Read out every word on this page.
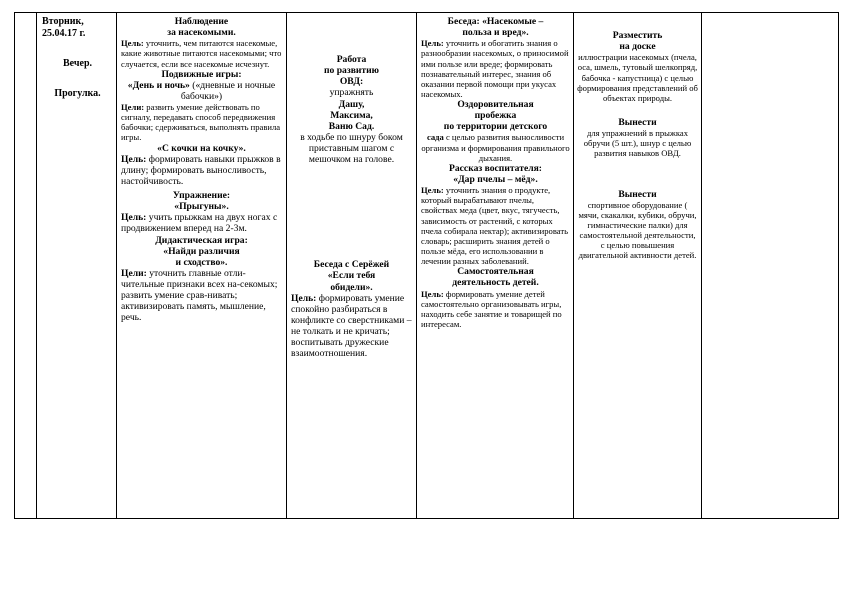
Вторник,
25.04.17 г.
Вечер.
Прогулка.
Наблюдение
за насекомыми.
Цель: уточнить, чем питаются насекомые, какие животные питаются насекомыми; что случается, если все насекомые исчезнут.
Подвижные игры:
«День и ночь» («дневные и ночные бабочки»)
Цели: развить умение действовать по сигналу, передавать способ передвижения бабочки; сдерживаться, выполнять правила игры.
«С кочки на кочку».
Цель: формировать навыки прыжков в длину; формировать выносливость, настойчивость.
Упражнение:
«Прыгуны».
Цель: учить прыжкам на двух ногах с продвижением вперед на 2-3м.
Дидактическая игра:
«Найди различия
и сходство».
Цели: уточнить главные отли-чительные признаки всех на-секомых; развить умение срав-нивать; активизировать память, мышление, речь.
Работа
по развитию
ОВД:
упражнять
Дашу,
Максима,
Ваню Сад.
в ходьбе по шнуру боком приставным шагом с мешочком на голове.
Беседа с Серёжей
«Если тебя
обидели».
Цель: формировать умение спокойно разбираться в конфликте со сверстниками – не толкать и не кричать; воспитывать дружеские взаимоотношения.
Беседа: «Насекомые –
польза и вред».
Цель: уточнить и обогатить знания о разнообразии насекомых, о приносимой ими пользе или вреде; формировать познавательный интерес, знания об оказании первой помощи при укусах насекомых.
Оздоровительная
пробежка
по территории детского
сада с целью развития выносливости организма и формирования правильного дыхания.
Рассказ воспитателя:
«Дар пчелы – мёд».
Цель: уточнить знания о продукте, который вырабатывают пчелы, свойствах меда (цвет, вкус, тягучесть, зависимость от растений, с которых пчела собирала нектар); активизировать словарь; расширить знания детей о пользе мёда, его использовании в лечении разных заболеваний.
Самостоятельная
деятельность детей.
Цель: формировать умение детей самостоятельно организовывать игры, находить себе занятие и товарищей по интересам.
Разместить
на доске
иллюстрации насекомых (пчела, оса, шмель, тутовый шелкопряд, бабочка - капустница) с целью формирования представлений об объектах природы.
Вынести
для упражнений в прыжках обручи (5 шт.), шнур с целью развития навыков ОВД.
Вынести
спортивное оборудование ( мячи, скакалки, кубики, обручи, гимнастические палки) для самостоятельной деятельности, с целью повышения двигательной активности детей.
